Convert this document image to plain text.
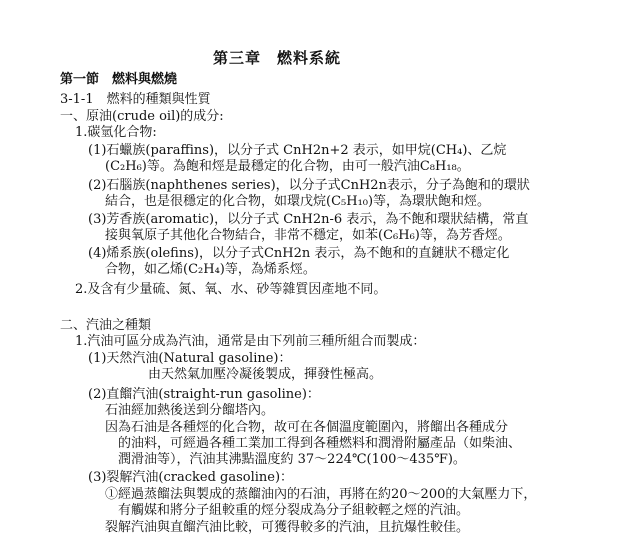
第三章　燃料系統
第一節　燃料與燃燒
3-1-1　燃料的種類與性質
一、原油(crude oil)的成分:
1.碳氫化合物:
(1)石蠟族(paraffins)，以分子式 CnH2n+2 表示，如甲烷(CH₄)、乙烷
(C₂H₆)等。為飽和烴是最穩定的化合物，由可一般汽油C₈H₁₈。
(2)石腦族(naphthenes series)，以分子式CnH2n表示，分子為飽和的環狀
結合，也是很穩定的化合物，如環戊烷(C₅H₁₀)等，為環狀飽和烴。
(3)芳香族(aromatic)，以分子式 CnH2n-6 表示，為不飽和環狀結構，常直
接與氧原子其他化合物結合，非常不穩定，如苯(C₆H₆)等，為芳香烴。
(4)烯系族(olefins)，以分子式CnH2n 表示，為不飽和的直鏈狀不穩定化
合物，如乙烯(C₂H₄)等，為烯系烴。
2.及含有少量硫、氮、氧、水、砂等雜質因產地不同。
二、汽油之種類
1.汽油可區分成為汽油，通常是由下列前三種所組合而製成：
(1)天然汽油(Natural gasoline)：
由天然氣加壓冷凝後製成，揮發性極高。
(2)直餾汽油(straight-run gasoline)：
石油經加熱後送到分餾塔內。
因為石油是各種烴的化合物，故可在各個溫度範圍內，將餾出各種成分
的油料，可經過各種工業加工得到各種燃料和潤滑附屬產品（如柴油、
潤滑油等），汽油其沸點溫度約 37～224℃(100～435℉)。
(3)裂解汽油(cracked gasoline)：
①經過蒸餾法與製成的蒸餾油內的石油，再將在約20～200的大氣壓力下，
有觸媒和將分子組較重的烴分裂成為分子組較輕之烴的汽油。
裂解汽油與直餾汽油比較，可獲得較多的汽油，且抗爆性較佳。
